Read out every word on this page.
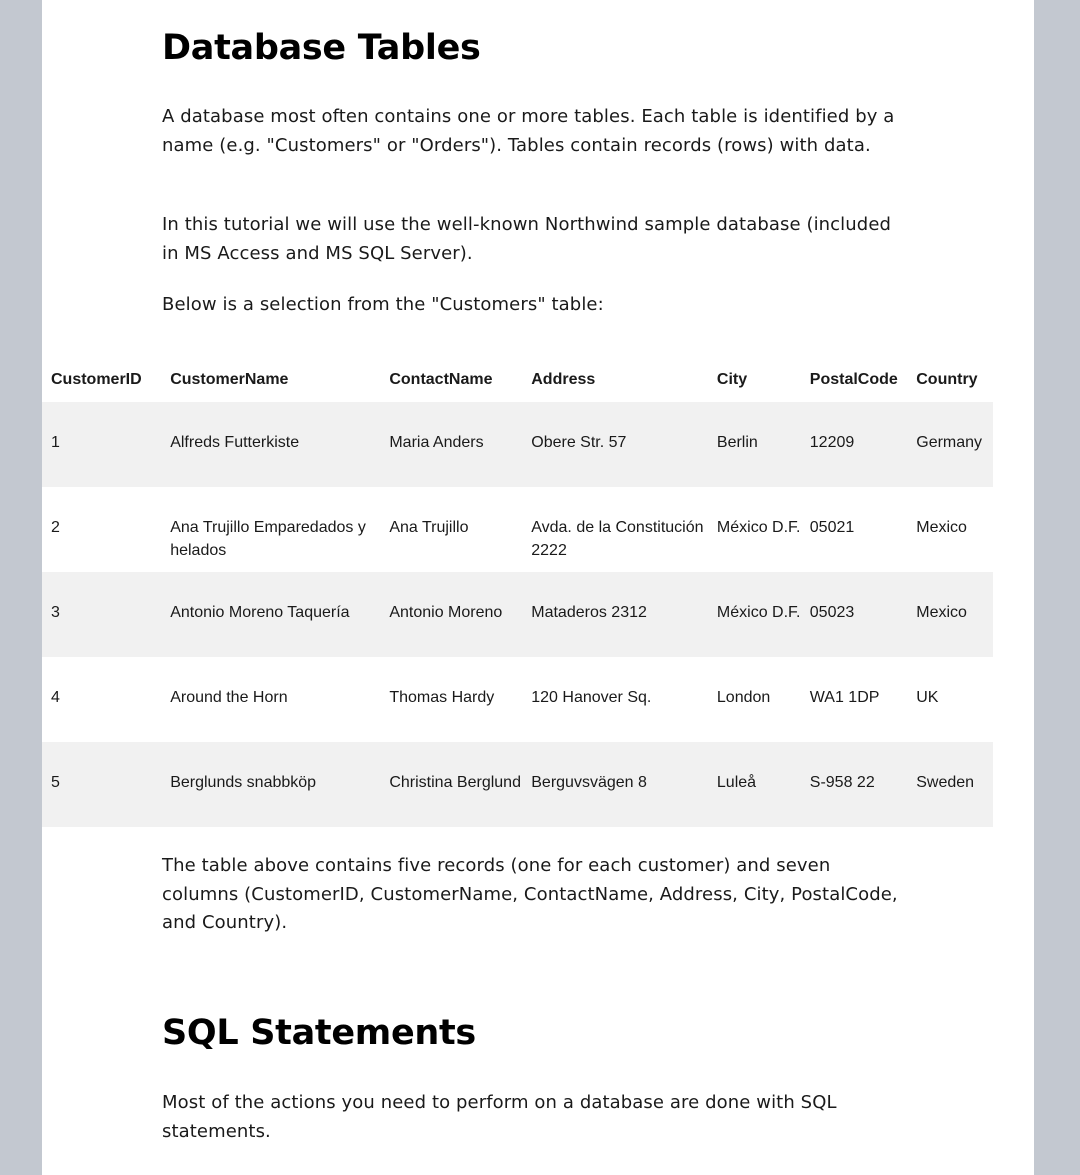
Database Tables

A database most often contains one or more tables. Each table is identified by a name (e.g. "Customers" or "Orders"). Tables contain records (rows) with data.

In this tutorial we will use the well-known Northwind sample database (included in MS Access and MS SQL Server).

Below is a selection from the "Customers" table:

CustomerID	CustomerName	ContactName	Address	City	PostalCode	Country
1	Alfreds Futterkiste	Maria Anders	Obere Str. 57	Berlin	12209	Germany
2	Ana Trujillo Emparedados y helados	Ana Trujillo	Avda. de la Constitución 2222	México D.F.	05021	Mexico
3	Antonio Moreno Taquería	Antonio Moreno	Mataderos 2312	México D.F.	05023	Mexico
4	Around the Horn	Thomas Hardy	120 Hanover Sq.	London	WA1 1DP	UK
5	Berglunds snabbköp	Christina Berglund	Berguvsvägen 8	Luleå	S-958 22	Sweden

The table above contains five records (one for each customer) and seven columns (CustomerID, CustomerName, ContactName, Address, City, PostalCode, and Country).

SQL Statements

Most of the actions you need to perform on a database are done with SQL statements.
